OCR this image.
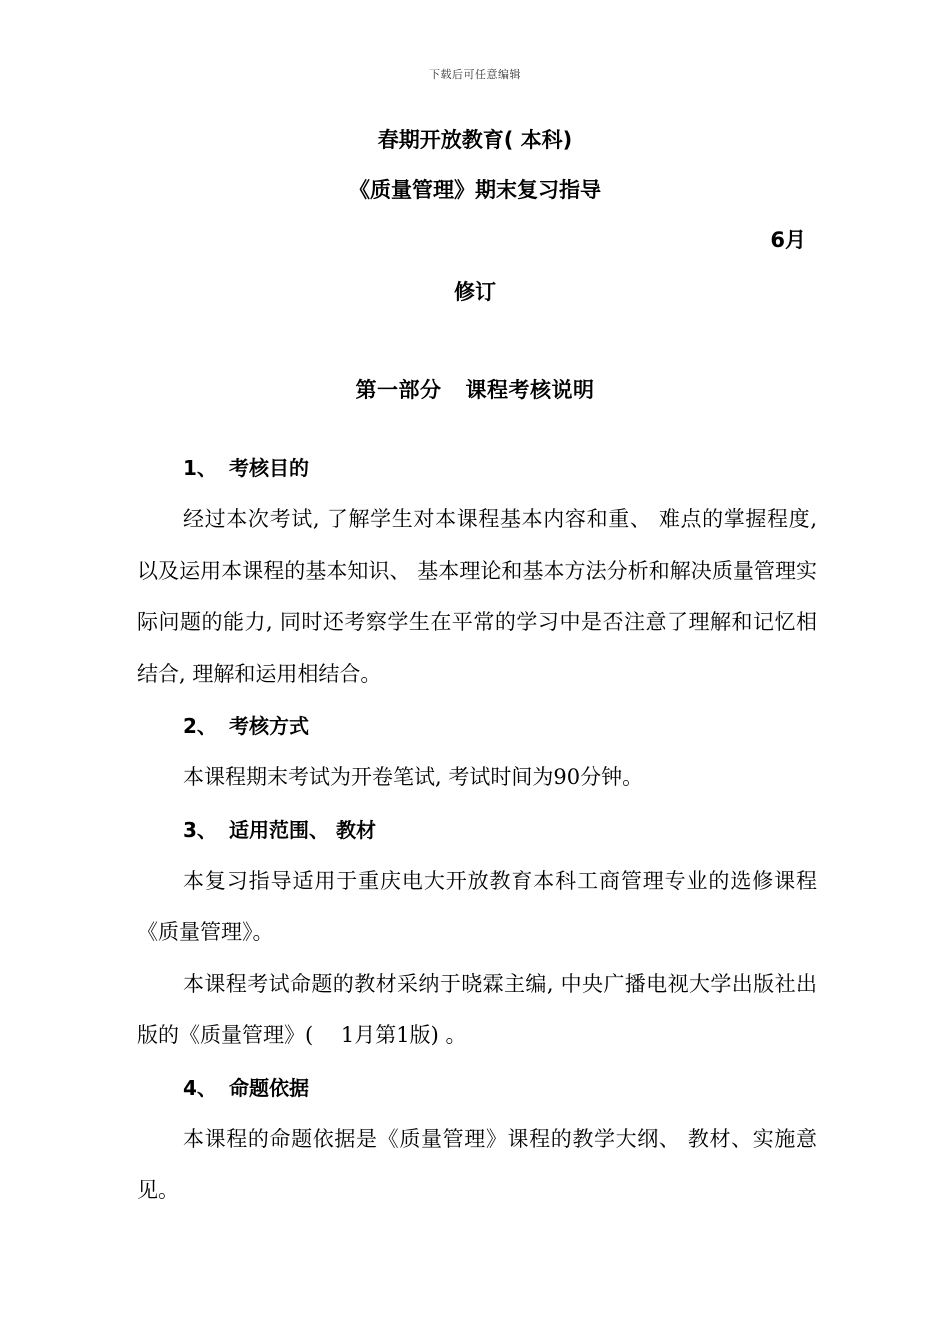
下载后可任意编辑
春期开放教育( 本科)
《质量管理》期末复习指导
6月
修订
第一部分 课程考核说明
1、 考核目的

经过本次考试, 了解学生对本课程基本内容和重、 难点的掌握程度, 以及运用本课程的基本知识、 基本理论和基本方法分析和解决质量管理实际问题的能力, 同时还考察学生在平常的学习中是否注意了理解和记忆相结合, 理解和运用相结合。

2、 考核方式

本课程期末考试为开卷笔试, 考试时间为90分钟。

3、 适用范围、 教材

本复习指导适用于重庆电大开放教育本科工商管理专业的选修课程《质量管理》。

本课程考试命题的教材采纳于晓霖主编, 中央广播电视大学出版社出版的《质量管理》(　 1月第1版) 。

4、 命题依据

本课程的命题依据是《质量管理》课程的教学大纲、 教材、实施意见。
